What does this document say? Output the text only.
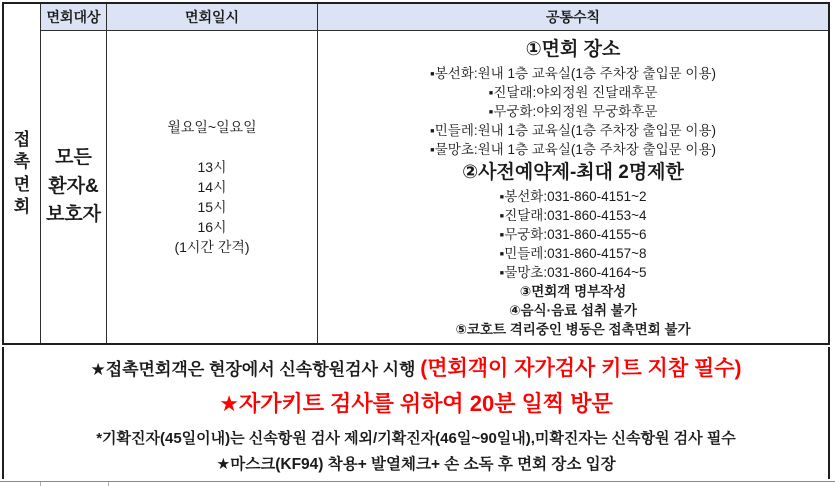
접촉면회
면회대상	면회일시	공통수칙
모든
환자&
보호자
월요일~일요일
13시
14시
15시
16시
(1시간 간격)
①면회 장소
▪봉선화:원내 1층 교육실(1층 주차장 출입문 이용)
▪진달래:야외정원 진달래후문
▪무궁화:야외정원 무궁화후문
▪민들레:원내 1층 교육실(1층 주차장 출입문 이용)
▪물망초:원내 1층 교육실(1층 주차장 출입문 이용)
②사전예약제-최대 2명제한
▪봉선화:031-860-4151~2
▪진달래:031-860-4153~4
▪무궁화:031-860-4155~6
▪민들레:031-860-4157~8
▪물망초:031-860-4164~5
③면회객 명부작성
④음식·음료 섭취 불가
⑤코호트 격리중인 병동은 접촉면회 불가
★접촉면회객은 현장에서 신속항원검사 시행 (면회객이 자가검사 키트 지참 필수)
★자가키트 검사를 위하여 20분 일찍 방문
*기확진자(45일이내)는 신속항원 검사 제외/기확진자(46일~90일내),미확진자는 신속항원 검사 필수
★마스크(KF94) 착용+ 발열체크+ 손 소독 후 면회 장소 입장
